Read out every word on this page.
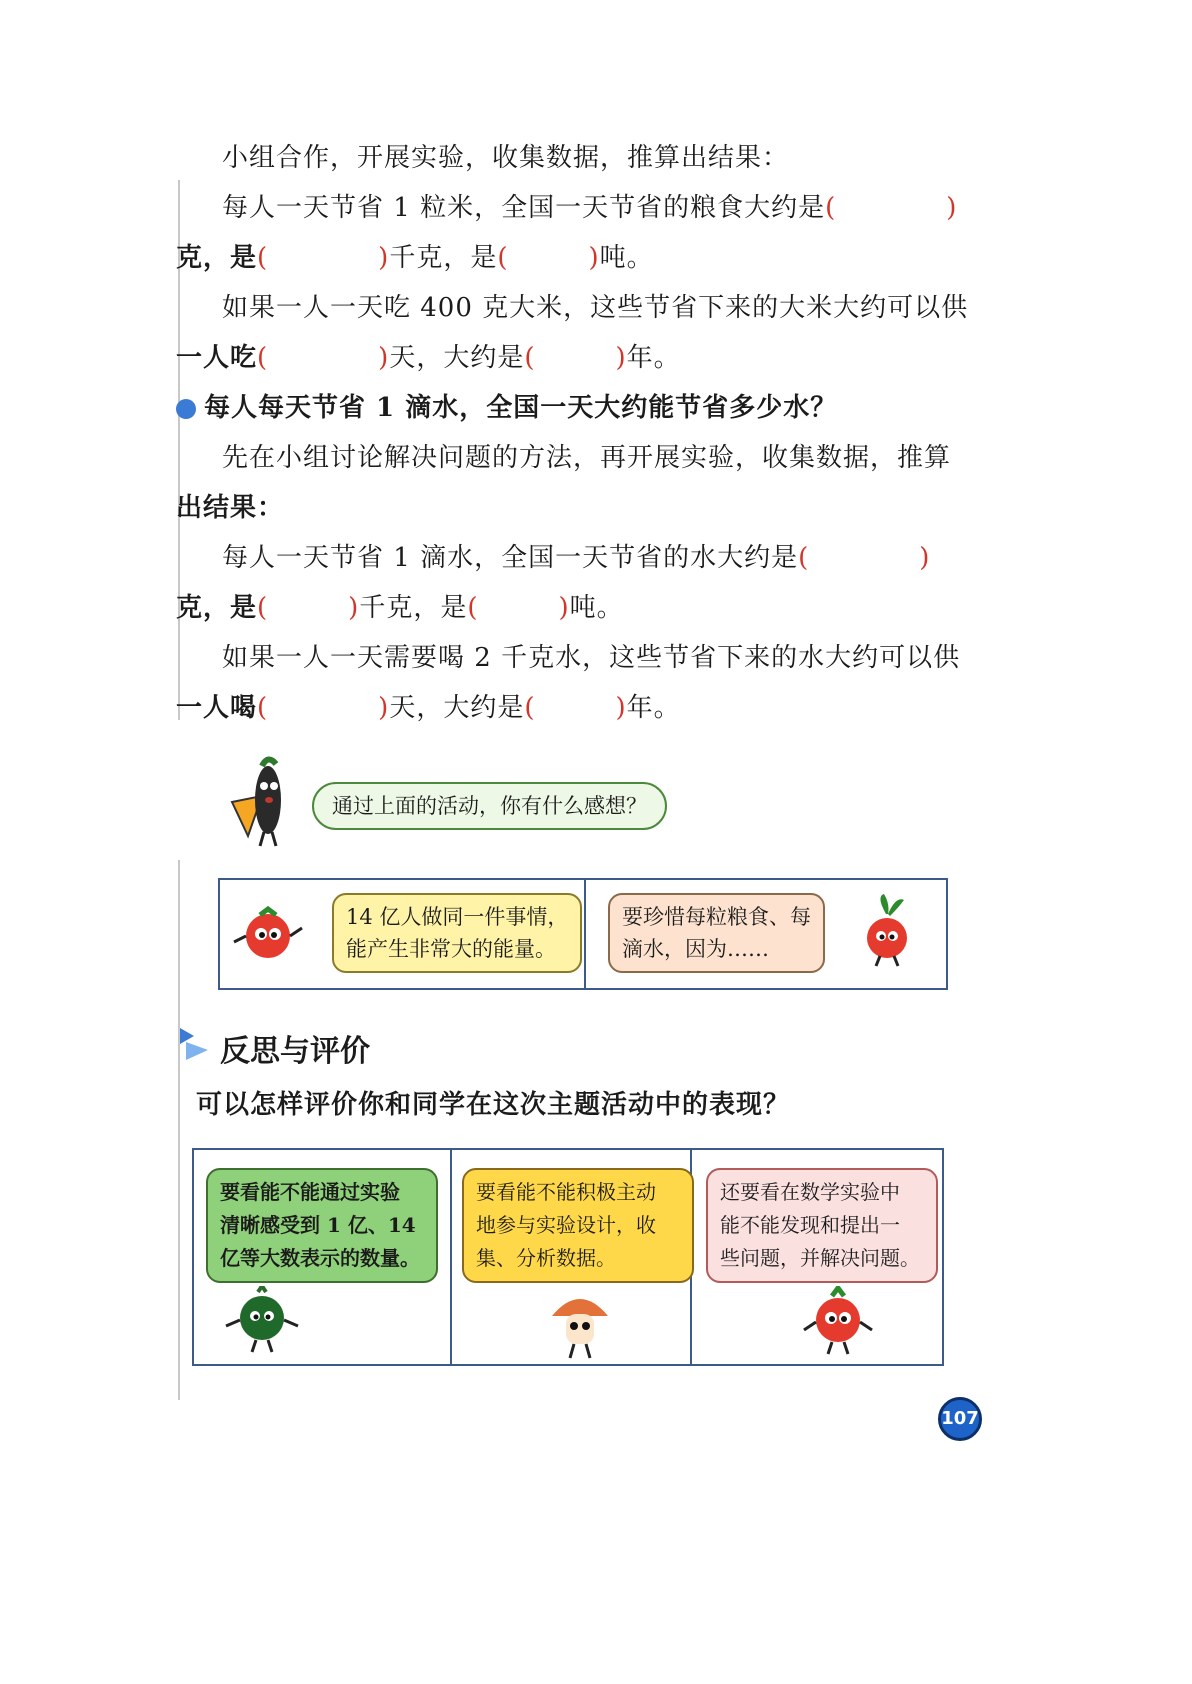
小组合作，开展实验，收集数据，推算出结果：
每人一天节省 1 粒米，全国一天节省的粮食大约是(	)
克，是(	)千克，是(	)吨。
如果一人一天吃 400 克大米，这些节省下来的大米大约可以供
一人吃(	)天，大约是(	)年。
每人每天节省 1 滴水，全国一天大约能节省多少水？
先在小组讨论解决问题的方法，再开展实验，收集数据，推算
出结果：
每人一天节省 1 滴水，全国一天节省的水大约是(	)
克，是(	)千克，是(	)吨。
如果一人一天需要喝 2 千克水，这些节省下来的水大约可以供
一人喝(	)天，大约是(	)年。
通过上面的活动，你有什么感想？
14 亿人做同一件事情，
能产生非常大的能量。
要珍惜每粒粮食、每
滴水，因为……
反思与评价
可以怎样评价你和同学在这次主题活动中的表现？
要看能不能通过实验
清晰感受到 1 亿、14
亿等大数表示的数量。
要看能不能积极主动
地参与实验设计，收
集、分析数据。
还要看在数学实验中
能不能发现和提出一
些问题，并解决问题。
107
